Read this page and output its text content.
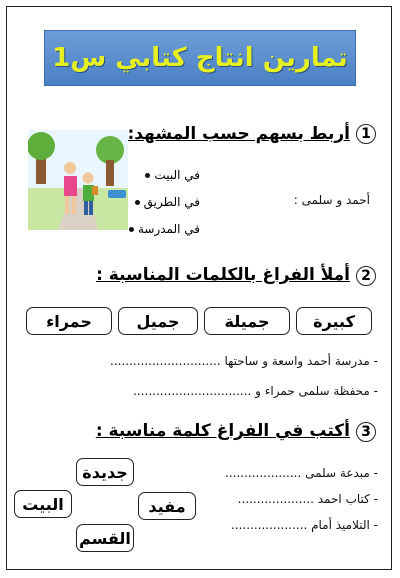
تمارين انتاج كتابي س1
1
أربط بسهم حسب المشهد:
في البيت
في الطريق
في المدرسة
أحمد و سلمى :
2
أملأ الفراغ بالكلمات المناسبة :
كبيرة
جميلة
جميل
حمراء
- مدرسة أحمد واسعة و ساحتها .............................
- محفظة سلمى حمراء و ...............................
3
أكتب في الفراغ كلمة مناسبة :
- مبدعة سلمى ....................
- كتاب احمد ....................
- التلاميذ أمام ....................
جديدة
مفيد
البيت
القسم
